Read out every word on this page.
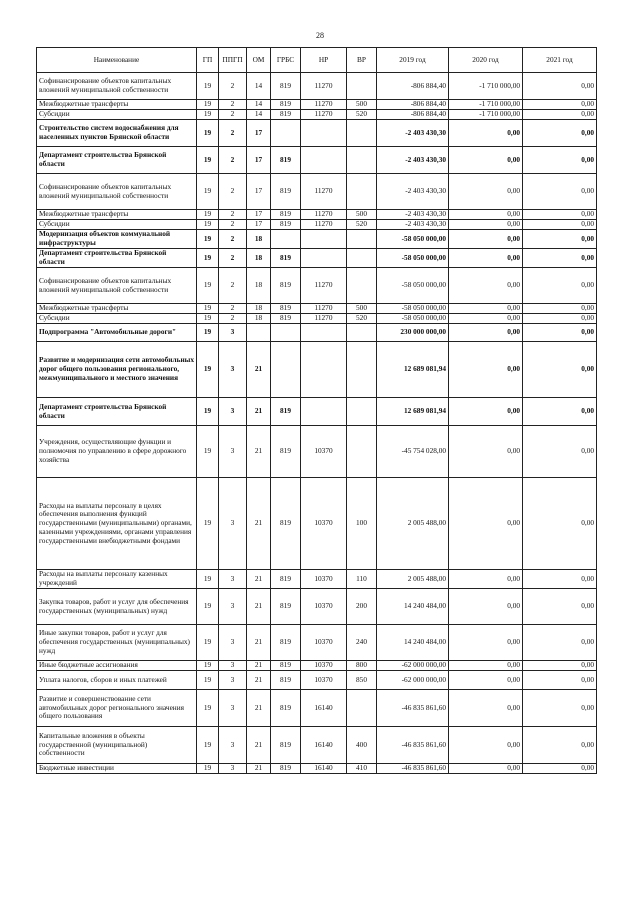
28
Наименование	ГП	ППГП	ОМ	ГРБС	НР	ВР	2019 год	2020 год	2021 год
Софинансирование объектов капитальных вложений муниципальной собственности	19	2	14	819	11270		-806 884,40	-1 710 000,00	0,00
Межбюджетные трансферты	19	2	14	819	11270	500	-806 884,40	-1 710 000,00	0,00
Субсидии	19	2	14	819	11270	520	-806 884,40	-1 710 000,00	0,00
Строительство систем водоснабжения для населенных пунктов Брянской области	19	2	17				-2 403 430,30	0,00	0,00
Департамент строительства Брянской области	19	2	17	819			-2 403 430,30	0,00	0,00
Софинансирование объектов капитальных вложений муниципальной собственности	19	2	17	819	11270		-2 403 430,30	0,00	0,00
Межбюджетные трансферты	19	2	17	819	11270	500	-2 403 430,30	0,00	0,00
Субсидии	19	2	17	819	11270	520	-2 403 430,30	0,00	0,00
Модернизация объектов коммунальной инфраструктуры	19	2	18				-58 050 000,00	0,00	0,00
Департамент строительства Брянской области	19	2	18	819			-58 050 000,00	0,00	0,00
Софинансирование объектов капитальных вложений муниципальной собственности	19	2	18	819	11270		-58 050 000,00	0,00	0,00
Межбюджетные трансферты	19	2	18	819	11270	500	-58 050 000,00	0,00	0,00
Субсидии	19	2	18	819	11270	520	-58 050 000,00	0,00	0,00
Подпрограмма "Автомобильные дороги"	19	3					230 000 000,00	0,00	0,00
Развитие и модернизация сети автомобильных дорог общего пользования регионального, межмуниципального и местного значения	19	3	21				12 689 081,94	0,00	0,00
Департамент строительства Брянской области	19	3	21	819			12 689 081,94	0,00	0,00
Учреждения, осуществляющие функции и полномочия по управлению в сфере дорожного хозяйства	19	3	21	819	10370		-45 754 028,00	0,00	0,00
Расходы на выплаты персоналу в целях обеспечения выполнения функций государственными (муниципальными) органами, казенными учреждениями, органами управления государственными внебюджетными фондами	19	3	21	819	10370	100	2 005 488,00	0,00	0,00
Расходы на выплаты персоналу казенных учреждений	19	3	21	819	10370	110	2 005 488,00	0,00	0,00
Закупка товаров, работ и услуг для обеспечения государственных (муниципальных) нужд	19	3	21	819	10370	200	14 240 484,00	0,00	0,00
Иные закупки товаров, работ и услуг для обеспечения государственных (муниципальных) нужд	19	3	21	819	10370	240	14 240 484,00	0,00	0,00
Иные бюджетные ассигнования	19	3	21	819	10370	800	-62 000 000,00	0,00	0,00
Уплата налогов, сборов и иных платежей	19	3	21	819	10370	850	-62 000 000,00	0,00	0,00
Развитие и совершенствование сети автомобильных дорог регионального значения общего пользования	19	3	21	819	16140		-46 835 861,60	0,00	0,00
Капитальные вложения в объекты государственной (муниципальной) собственности	19	3	21	819	16140	400	-46 835 861,60	0,00	0,00
Бюджетные инвестиции	19	3	21	819	16140	410	-46 835 861,60	0,00	0,00
